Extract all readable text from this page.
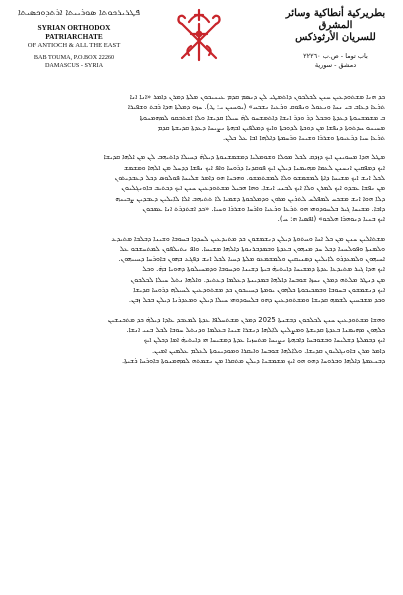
ܦܛܪܝܪܟܘܬܐ ܣܘܪܝܝܬܐ ܐܪܬܕܘܟܣܝܬܐ
SYRIAN ORTHODOX PATRIARCHATE
OF ANTIOCH & ALL THE EAST
BAB TOUMA, P.O.BOX 22260
DAMASCUS - SYRIA
بطريركية أنطاكية وسائر المشرق
للسريان الأرثوذكس
باب توما - ص.ب ٢٢٢٦٠
دمشق - سورية
ܟܕ ܗܢܐ ܡܫܬܘܕܥܝܢ ܚܢܢ ܠܟܠܟܘܢ ܕܐܬܡܛܝ ܠܢ ܕܢܣܡ ܩܕܡ ܥܝܢܝܟܘܢ ܡܠܬܐ ܕܡܪܢ ܕܐܡܪ «ܐܢܐ ܐܢܐ
ܬܪܥܐ ܕܥܐܒ ܒܝ ܢܚܐ ܘܢܥܘܠ ܘܢܦܘܩ ܘܪܥܝܐ ܢܫܟܚ» (ܝܘܚܢܢ ܝ: ܛ). ܚܙܘ ܕܡܠܬܐ ܗܕܐ ܪܒܬ ܘܫܦܝܪܐ
ܒ ܡܫܡܫܢܘܬܐ ܕܥܕܬܐ ܘܒܟܠ ܕܪ ܘܕܪ ܐܢܫܐ ܕܐܬܡܫܚܘ ܠܗ̇ ܚܝܠܐ ܩܕܝܫܐ ܘܠܐ ܐܫܬܒܩܘ ܠܡܗܡܢܘܬܐ
ܡܚܝܢܘ ܚܕܬܘܬܐ ܕܢܦܫܐ ܡܢ ܕܘܟܬܐ ܠܕܘܟܬܐ ܘܐܝܟ ܕܡܠܦܝܢ ܐܒܗܬܐ ܢܨܝܚܐ ܕܥܕܬܐ ܩܕܝܫܬܐ ܩܕܡ
ܬܪܥܐ ܚܝܐ ܕܪܥܝܘܬܐ ܘܫܪܪܐ ܘܫܝܢܐ ܘܪܚܡܬܐ ܕܐܠܗܐ ܐܒܐ ܥܠ ܟܠܢ.
ܡܛܠ ܗܕܐ ܡܚܘܝܢܢ ܐܝܟ ܕܙܕܩ ܠܟܠ ܡܘܠܐ ܘܫܘܡܠܝܐ ܕܡܫܡܫܢܘܬܐ ܕܝܠܗ̇ ܕܚܝܠܐ ܕܐܬܝܗܒ ܠܢ ܡܢ ܐܠܗܐ ܩܕܝܫܐ
ܐܝܟ ܕܡܦܩܝܢ ܐܢܚܢܢ ܠܥܡܐ ܡܗܝܡܢܐ ܕܝܠܢ ܐܝܟ ܦܘܩܕܢܐ ܕܪܘܚܐ ܘܐܦ ܐܝܟ ܢܦܫܐ ܕܕܚܠ ܡܢ ܐܠܗܐ ܘܡܫܡܫ
ܠܟܠ ܐܢܫ ܐܝܟ ܡܫܝܚܐ ܕܐܬܐ ܠܡܫܡܫܘ ܘܠܐ ܠܡܫܬܡܫܘ. ܘܗܟܢܐ ܗܘ ܕܐܡܪ ܫܠܝܚܐ ܦܘܠܘܣ ܕܟܠ ܕܥܒܕܝܬܘܢ
ܡܢ ܢܦܫܐ ܥܒܕܘ ܐܝܟ ܠܡܪܢ ܘܠܐ ܐܝܟ ܠܒܢܝ ܐܢܫܐ. ܘܗܐ ܗܟܝܠ ܡܫܬܘܕܥܝܢ ܚܢܢ ܐܝܟ ܕܟܬܝܒ ܒܐܘܢܓܠܝܘܢ
ܕܠܐ ܗܘܐ ܐܢܫ ܡܫܟܚ ܠܡܦܠܚ ܠܬܪܝܢ ܡܪܘܢ ܘܕܡܠܟܘܬܐ ܕܫܡܝܐ ܠܐ ܬܬܝܗܒ ܐܠܐ ܠܐܝܠܝܢ ܕܥܒܕܝܢ ܨܒܝܢܗ
ܕܐܒܐ. ܡܫܝܚܐ ܓܝܪ ܒܠܚܘܕܘܗܝ ܗܘ ܬܪܥܐ ܘܪܥܝܐ ܘܐܪܚܐ ܘܫܪܪܐ ܘܚܝܐ. «ܟܕ ܐܫܬܕܪܬ ܐܢܐ ܥܡܟܘܢ
ܐܝܟ ܒܢܝܐ ܕܢܘܗܪܐ ܗܠܟܘ» (ܐܦܣܝܐ ܗ: ܚ).
ܡܫܬܐܠܝܢ ܚܢܢ ܡܢ ܟܠ ܐܚܐ ܘܚܬܘܬܐ ܕܝܠܢ ܕܢܫܡܫܘܢ ܟܕ ܡܬܝܕܥܝܢ ܠܚܕܕܐ ܒܚܘܒܐ ܘܫܝܢܐ ܕܒܠܒܐ ܡܬܝܕܥ
ܘܠܡܢܬܐ ܘܦܘܠܚܢܐ ܕܟܠ ܚܕ ܡܢܗܘܢ ܒܥܕܬܐ ܘܒܡܕܒܪܢܘܬܐ ܕܐܠܗܐ ܡܫܝܚܐ. ܘܐܦ ܢܬܝܠܦܘܢ ܠܡܬܚܫܒܘ ܥܠ
ܐܚܝܗܘܢ ܘܠܡܥܕܪܘ ܠܐܝܠܝܢ ܕܣܢܝܩܝܢ ܘܠܡܫܡܥܘ ܡܠܬܐ ܕܚܝܐ ܠܟܠ ܐܢܫ ܕܦܓܥ ܒܗܘܢ ܒܐܘܪܚܐ ܕܚܝܝܗܘܢ.
ܐܝܟ ܗܕܐ ܓܝܪ ܡܬܝܕܥܐ ܥܕܬܐ ܕܡܫܝܚܐ ܕܐܝܬܝܗ̇ ܒܝܬܐ ܕܫܝܢܐ ܘܕܚܘܒܐ ܘܕܡܚܝܠܘܬܐ ܕܗܘܝܐ ܒܗ̇. ܘܟܠ
ܡܢ ܕܢܛܪ ܡܠܬܗ ܕܡܪܢ ܢܚܙܐ ܫܘܒܚܐ ܕܐܠܗܐ ܒܡܕܝܢܬܐ ܕܥܠܡܐ ܕܥܬܝܕ. ܘܐܠܗܐ ܢܬܠ ܚܝܠܐ ܠܟܠܟܘܢ
ܐܝܟ ܕܢܫܡܫܘܢ ܒܚܘܒܐ ܘܒܡܟܝܟܘܬܐ ܟܠܗܘܢ ܝܘܡܬܐ ܕܚܝܝܟܘܢ ܟܕ ܡܫܬܘܕܥܝܢ ܠܚܝܠܗ ܕܪܘܚܐ ܩܕܝܫܐ
ܘܟܕ ܡܫܒܚܝܢ ܠܫܡܗ ܩܕܝܫܐ ܘܡܫܬܘܕܥܝܢ ܕܗܘ ܒܠܚܘܕܘܗܝ ܚܝܠܐ ܕܝܠܢ ܘܡܥܕܪܢܐ ܕܝܠܢ ܒܟܠ ܙܒܢ.
ܘܗܫܐ ܡܫܬܘܕܥܝܢ ܚܢܢ ܠܟܠܟܘܢ ܕܒܫܢܬܐ 2025 ܕܡܪܢ ܡܫܬܚܠܦܐ ܥܕܬܐ ܠܡܥܒܕ ܥܐܕܐ ܕܝܠܗ̇ ܟܕ ܡܬܟܢܫܝܢ
ܟܠܗܘܢ ܡܗܝܡܢܐ ܒܥܕܬܐ ܩܕܝܫܬܐ ܘܡܨܠܝܢ ܠܐܠܗܐ ܕܢܫܪܐ ܫܝܢܐ ܒܥܠܡܐ ܘܕܢܬܠ ܚܘܒܐ ܠܟܠ ܒܢܝ ܐܢܫܐ.
ܐܝܟ ܕܒܡܠܬܐ ܕܫܠܝܚܐ ܘܒܫܘܒܚܐ ܕܐܒܗܬܐ ܢܨܝܚܐ ܡܬܚܙܝܐ ܥܕܬܐ ܕܡܫܝܚܐ ܗܝ ܕܐܝܬܝܗ̇ ܐܡܐ ܕܟܠܢ ܐܝܟ
ܕܐܡܪ ܡܪܢ ܒܐܘܢܓܠܝܘܢ ܩܕܝܫܐ. ܘܠܐܠܗܐ ܫܘܒܚܐ ܘܐܝܩܪܐ ܘܡܘܕܝܢܘܬܐ ܠܥܠܡ ܥܠܡܝܢ ܐܡܝܢ.
ܕܒܢܥܡܬܐ ܕܐܠܗܐ ܘܒܪܘܚܐ ܕܗܘ ܗܘ ܐܝܟ ܡܫܡܫܢܐ ܕܝܠܢ ܡܬܩܪܐ ܡܢ ܢܫܡܬܗ ܠܡܗܡܢܘܬܐ ܒܐܘܪܚܐ ܪܫܝܬܐ.
